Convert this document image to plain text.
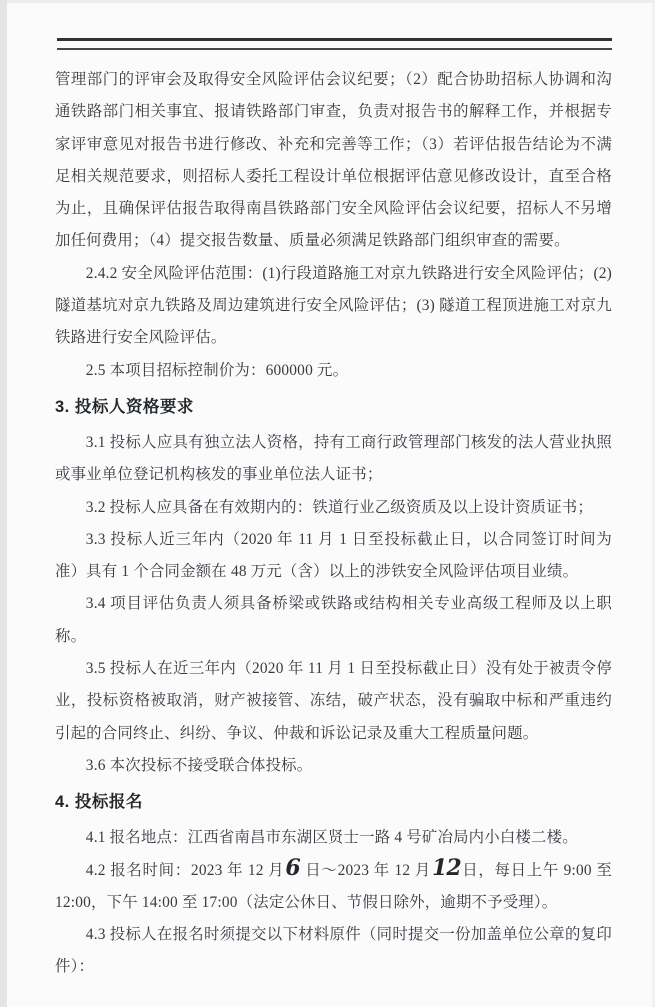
管理部门的评审会及取得安全风险评估会议纪要；（2）配合协助招标人协调和沟通铁路部门相关事宜、报请铁路部门审查，负责对报告书的解释工作，并根据专家评审意见对报告书进行修改、补充和完善等工作；（3）若评估报告结论为不满足相关规范要求，则招标人委托工程设计单位根据评估意见修改设计，直至合格为止，且确保评估报告取得南昌铁路部门安全风险评估会议纪要，招标人不另增加任何费用；（4）提交报告数量、质量必须满足铁路部门组织审查的需要。

2.4.2 安全风险评估范围：(1)行段道路施工对京九铁路进行安全风险评估；(2) 隧道基坑对京九铁路及周边建筑进行安全风险评估；(3) 隧道工程顶进施工对京九铁路进行安全风险评估。

2.5 本项目招标控制价为：600000 元。

3. 投标人资格要求

3.1 投标人应具有独立法人资格，持有工商行政管理部门核发的法人营业执照或事业单位登记机构核发的事业单位法人证书；

3.2 投标人应具备在有效期内的：铁道行业乙级资质及以上设计资质证书；

3.3 投标人近三年内（2020 年 11 月 1 日至投标截止日，以合同签订时间为准）具有 1 个合同金额在 48 万元（含）以上的涉铁安全风险评估项目业绩。

3.4 项目评估负责人须具备桥梁或铁路或结构相关专业高级工程师及以上职称。

3.5 投标人在近三年内（2020 年 11 月 1 日至投标截止日）没有处于被责令停业，投标资格被取消，财产被接管、冻结，破产状态，没有骗取中标和严重违约引起的合同终止、纠纷、争议、仲裁和诉讼记录及重大工程质量问题。

3.6 本次投标不接受联合体投标。

4. 投标报名

4.1 报名地点：江西省南昌市东湖区贤士一路 4 号矿冶局内小白楼二楼。

4.2 报名时间：2023 年 12 月6 日～2023 年 12 月12日，每日上午 9:00 至 12:00，下午 14:00 至 17:00（法定公休日、节假日除外，逾期不予受理）。

4.3 投标人在报名时须提交以下材料原件（同时提交一份加盖单位公章的复印件）：
